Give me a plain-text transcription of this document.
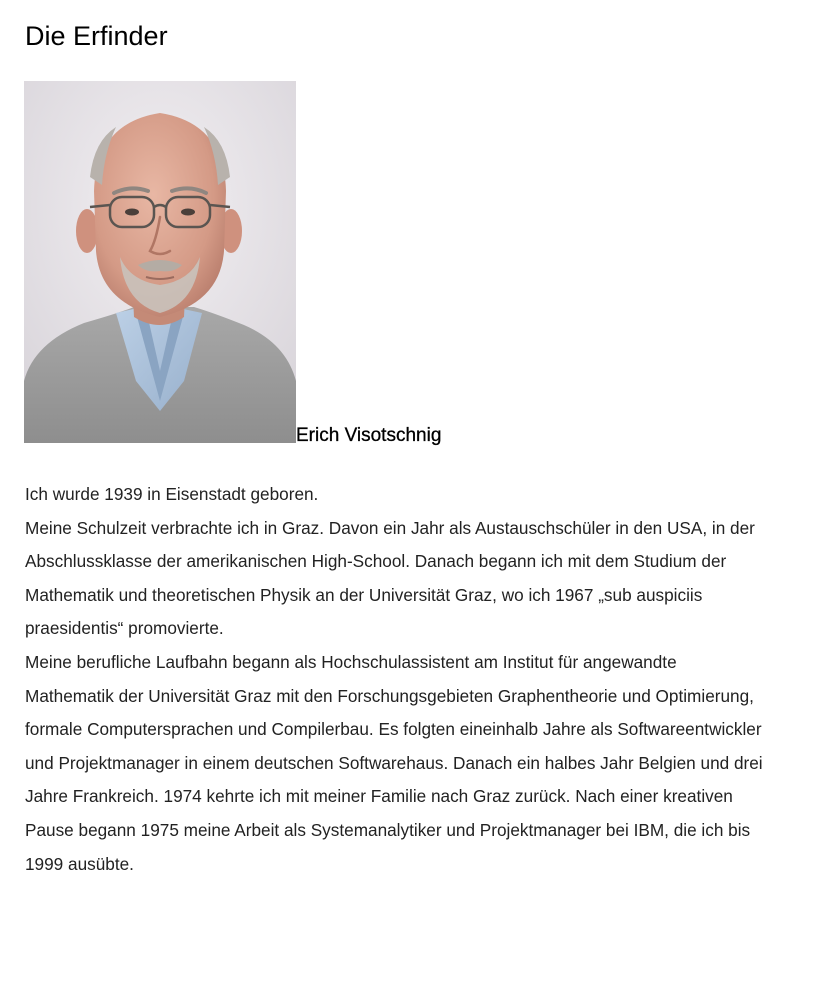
Die Erfinder
Erich Visotschnig

Ich wurde 1939 in Eisenstadt geboren.

Meine Schulzeit verbrachte ich in Graz. Davon ein Jahr als Austauschschüler in den USA, in der Abschlussklasse der amerikanischen High-School. Danach begann ich mit dem Studium der Mathematik und theoretischen Physik an der Universität Graz, wo ich 1967 „sub auspiciis praesidentis“ promovierte.

Meine berufliche Laufbahn begann als Hochschulassistent am Institut für angewandte Mathematik der Universität Graz mit den Forschungsgebieten Graphentheorie und Optimierung, formale Computersprachen und Compilerbau. Es folgten eineinhalb Jahre als Softwareentwickler und Projektmanager in einem deutschen Softwarehaus. Danach ein halbes Jahr Belgien und drei Jahre Frankreich. 1974 kehrte ich mit meiner Familie nach Graz zurück. Nach einer kreativen Pause begann 1975 meine Arbeit als Systemanalytiker und Projektmanager bei IBM, die ich bis 1999 ausübte.
